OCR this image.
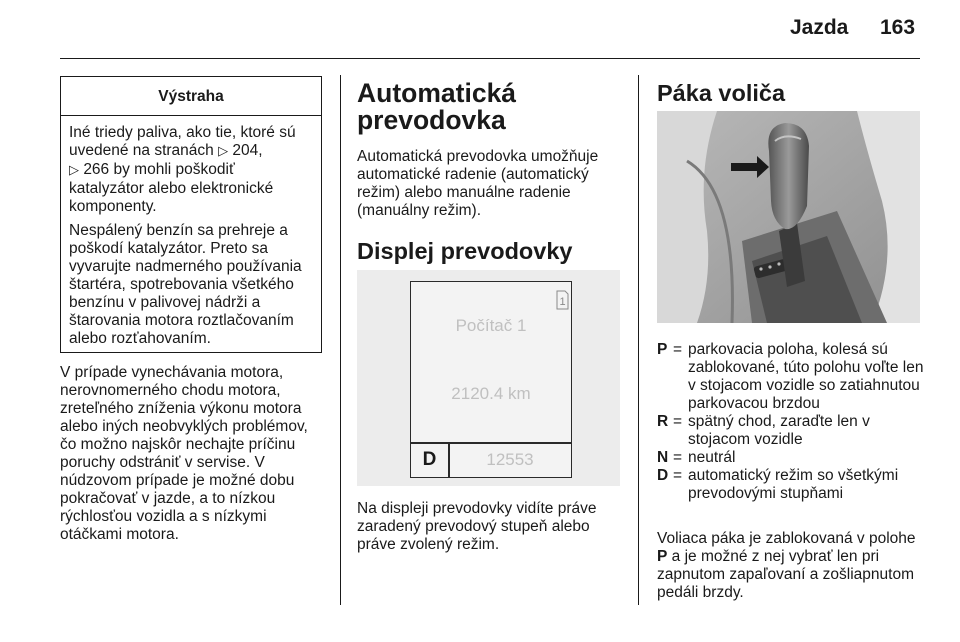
Jazda 163
Výstraha

Iné triedy paliva, ako tie, ktoré sú uvedené na stranách ▷ 204,
▷ 266 by mohli poškodiť katalyzátor alebo elektronické komponenty.

Nespálený benzín sa prehreje a poškodí katalyzátor. Preto sa vyvarujte nadmerného používania štartéra, spotrebovania všetkého benzínu v palivovej nádrži a štarovania motora roztlačovaním alebo rozťahovaním.

V prípade vynechávania motora, nerovnomerného chodu motora, zreteľného zníženia výkonu motora alebo iných neobvyklých problémov, čo možno najskôr nechajte príčinu poruchy odstrániť v servise. V núdzovom prípade je možné dobu pokračovať v jazde, a to nízkou rýchlosťou vozidla a s nízkymi otáčkami motora.

Automatická prevodovka

Automatická prevodovka umožňuje automatické radenie (automatický režim) alebo manuálne radenie (manuálny režim).

Displej prevodovky
1
Počítač 1
2120.4 km
D	12553

Na displeji prevodovky vidíte práve zaradený prevodový stupeň alebo práve zvolený režim.

Páka voliča
P = parkovacia poloha, kolesá sú zablokované, túto polohu voľte len v stojacom vozidle so zatiahnutou parkovacou brzdou
R = spätný chod, zaraďte len v stojacom vozidle
N = neutrál
D = automatický režim so všetkými prevodovými stupňami

Voliaca páka je zablokovaná v polohe P a je možné z nej vybrať len pri zapnutom zapaľovaní a zošliapnutom pedáli brzdy.
